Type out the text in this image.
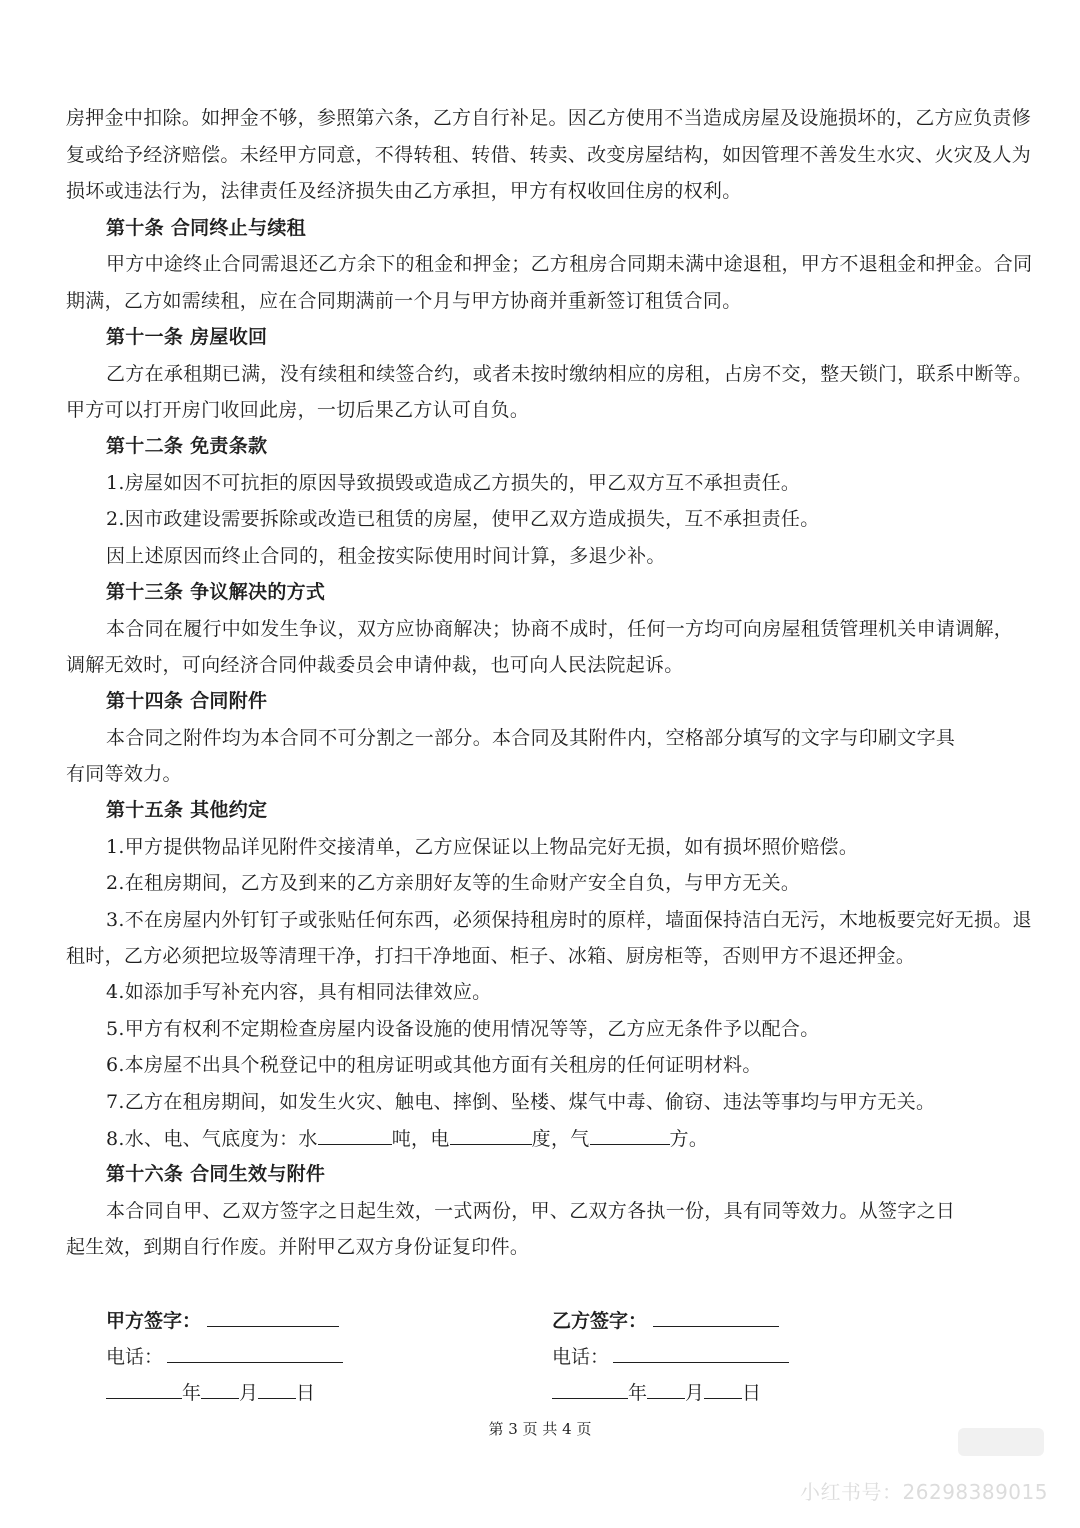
房押金中扣除。如押金不够，参照第六条，乙方自行补足。因乙方使用不当造成房屋及设施损坏的，乙方应负责修
复或给予经济赔偿。未经甲方同意，不得转租、转借、转卖、改变房屋结构，如因管理不善发生水灾、火灾及人为
损坏或违法行为，法律责任及经济损失由乙方承担，甲方有权收回住房的权利。
第十条 合同终止与续租
甲方中途终止合同需退还乙方余下的租金和押金；乙方租房合同期未满中途退租，甲方不退租金和押金。合同
期满，乙方如需续租，应在合同期满前一个月与甲方协商并重新签订租赁合同。
第十一条 房屋收回
乙方在承租期已满，没有续租和续签合约，或者未按时缴纳相应的房租，占房不交，整天锁门，联系中断等。
甲方可以打开房门收回此房，一切后果乙方认可自负。
第十二条 免责条款
1.房屋如因不可抗拒的原因导致损毁或造成乙方损失的，甲乙双方互不承担责任。
2.因市政建设需要拆除或改造已租赁的房屋，使甲乙双方造成损失，互不承担责任。
因上述原因而终止合同的，租金按实际使用时间计算，多退少补。
第十三条 争议解决的方式
本合同在履行中如发生争议，双方应协商解决；协商不成时，任何一方均可向房屋租赁管理机关申请调解，
调解无效时，可向经济合同仲裁委员会申请仲裁，也可向人民法院起诉。
第十四条 合同附件
本合同之附件均为本合同不可分割之一部分。本合同及其附件内，空格部分填写的文字与印刷文字具
有同等效力。
第十五条 其他约定
1.甲方提供物品详见附件交接清单，乙方应保证以上物品完好无损，如有损坏照价赔偿。
2.在租房期间，乙方及到来的乙方亲朋好友等的生命财产安全自负，与甲方无关。
3.不在房屋内外钉钉子或张贴任何东西，必须保持租房时的原样，墙面保持洁白无污，木地板要完好无损。退
租时，乙方必须把垃圾等清理干净，打扫干净地面、柜子、冰箱、厨房柜等，否则甲方不退还押金。
4.如添加手写补充内容，具有相同法律效应。
5.甲方有权利不定期检查房屋内设备设施的使用情况等等，乙方应无条件予以配合。
6.本房屋不出具个税登记中的租房证明或其他方面有关租房的任何证明材料。
7.乙方在租房期间，如发生火灾、触电、摔倒、坠楼、煤气中毒、偷窃、违法等事均与甲方无关。
8.水、电、气底度为：水	吨，电	度，气	方。
第十六条 合同生效与附件
本合同自甲、乙双方签字之日起生效，一式两份，甲、乙双方各执一份，具有同等效力。从签字之日
起生效，到期自行作废。并附甲乙双方身份证复印件。
甲方签字：
电话：
年 月 日
乙方签字：
电话：
年 月 日
第 3 页 共 4 页
小红书号：26298389015
